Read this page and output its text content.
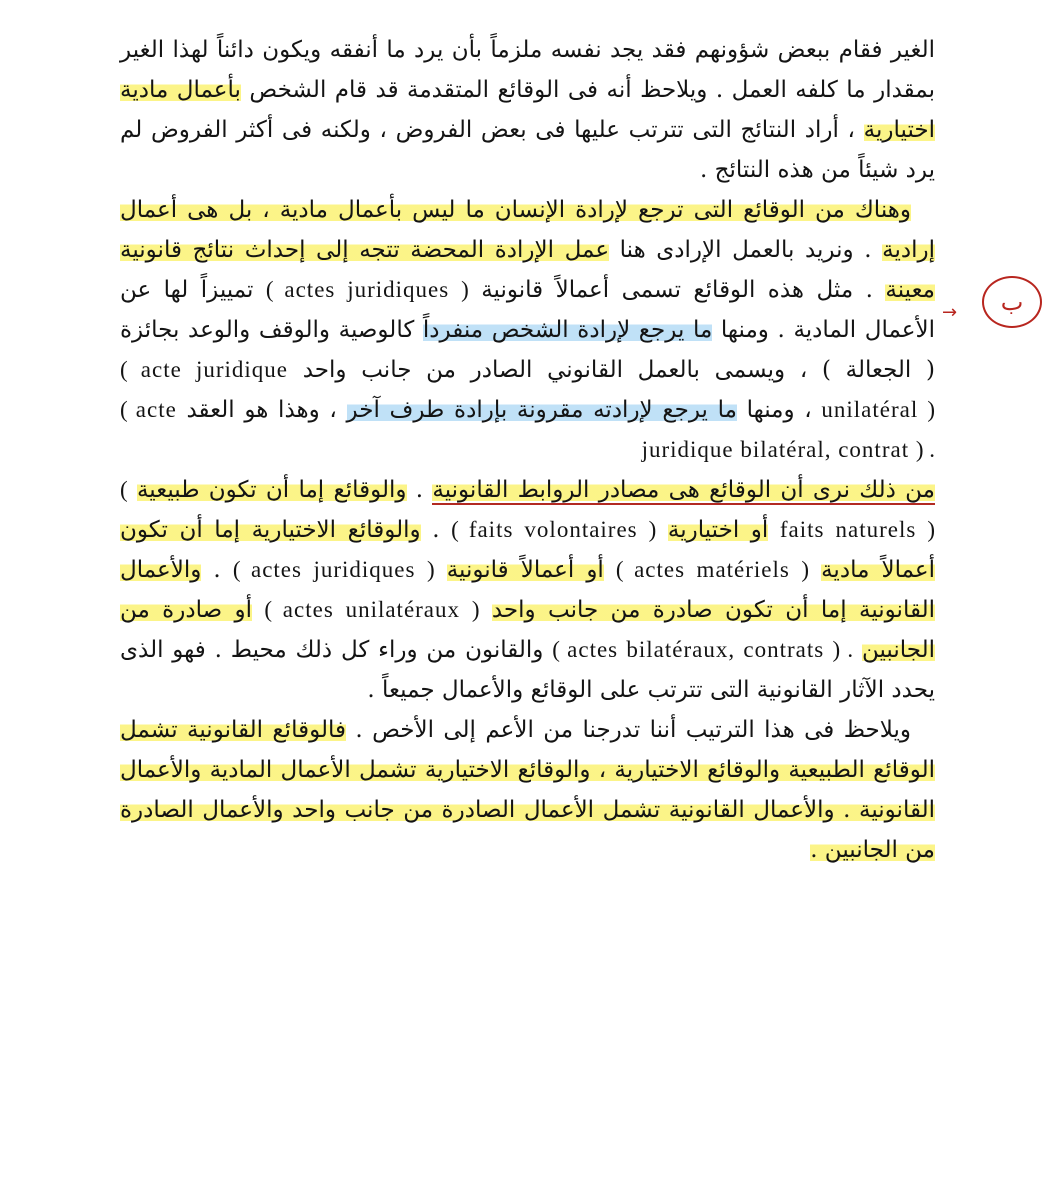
الغير فقام ببعض شؤونهم فقد يجد نفسه ملزماً بأن يرد ما أنفقه ويكون دائناً لهذا الغير بمقدار ما كلفه العمل . ويلاحظ أنه فى الوقائع المتقدمة قد قام الشخص بأعمال مادية اختيارية ، أراد النتائج التى تترتب عليها فى بعض الفروض ، ولكنه فى أكثر الفروض لم يرد شيئاً من هذه النتائج .

وهناك من الوقائع التى ترجع لإرادة الإنسان ما ليس بأعمال مادية ، بل هى أعمال إرادية . ونريد بالعمل الإرادى هنا عمل الإرادة المحضة تتجه إلى إحداث نتائج قانونية معينة . مثل هذه الوقائع تسمى أعمالاً قانونية ( actes juridiques ) تمييزاً لها عن الأعمال المادية . ومنها ما يرجع لإرادة الشخص منفرداً كالوصية والوقف والوعد بجائزة ( الجعالة ) ، ويسمى بالعمل القانوني الصادر من جانب واحد ( acte juridique unilatéral ) ، ومنها ما يرجع لإرادته مقرونة بإرادة طرف آخر ، وهذا هو العقد ( acte juridique bilatéral, contrat ) .

من ذلك نرى أن الوقائع هى مصادر الروابط القانونية . والوقائع إما أن تكون طبيعية ( faits naturels ) أو اختيارية ( faits volontaires ) . والوقائع الاختيارية إما أن تكون أعمالاً مادية ( actes matériels ) أو أعمالاً قانونية ( actes juridiques ) . والأعمال القانونية إما أن تكون صادرة من جانب واحد ( actes unilatéraux ) أو صادرة من الجانبين ( actes bilatéraux, contrats ) . والقانون من وراء كل ذلك محيط . فهو الذى يحدد الآثار القانونية التى تترتب على الوقائع والأعمال جميعاً .

ويلاحظ فى هذا الترتيب أننا تدرجنا من الأعم إلى الأخص . فالوقائع القانونية تشمل الوقائع الطبيعية والوقائع الاختيارية ، والوقائع الاختيارية تشمل الأعمال المادية والأعمال القانونية . والأعمال القانونية تشمل الأعمال الصادرة من جانب واحد والأعمال الصادرة من الجانبين .

→ ب
